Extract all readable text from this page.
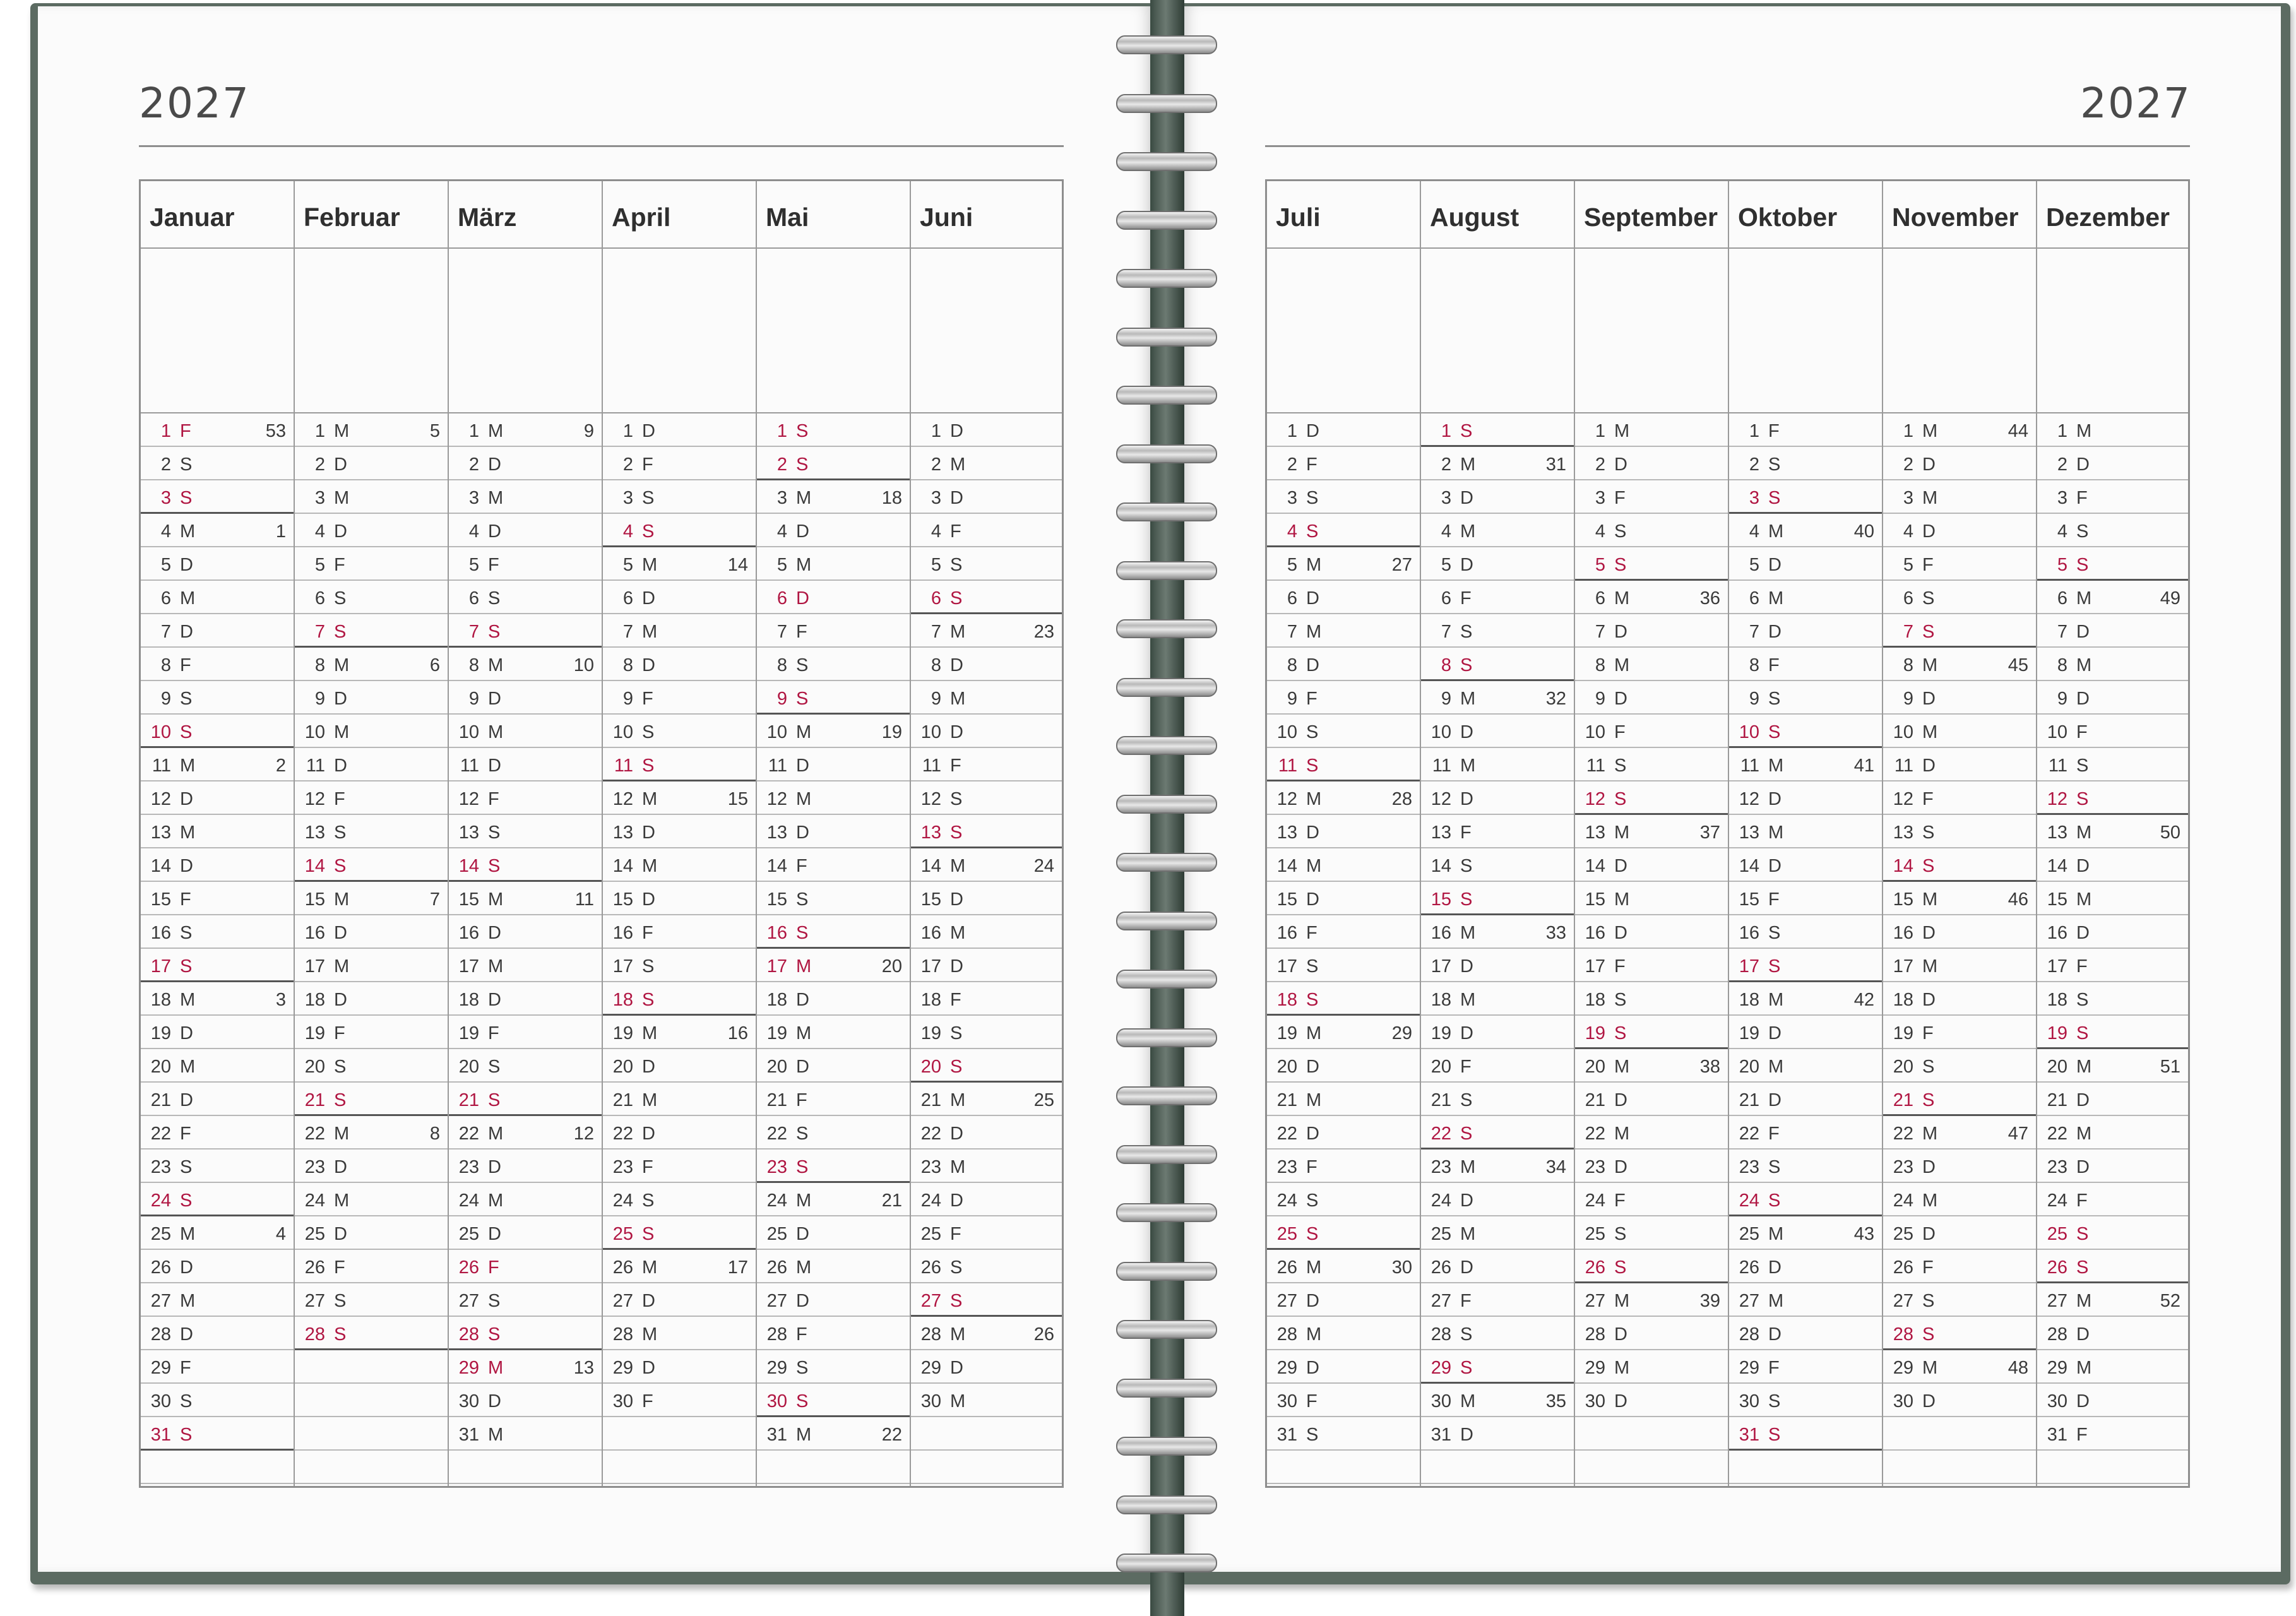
2027	2027
Januar
1 F	53
2 S
3 S
4 M	1
5 D
6 M
7 D
8 F
9 S
10 S
11 M	2
12 D
13 M
14 D
15 F
16 S
17 S
18 M	3
19 D
20 M
21 D
22 F
23 S
24 S
25 M	4
26 D
27 M
28 D
29 F
30 S
31 S
Februar
1 M	5
2 D
3 M
4 D
5 F
6 S
7 S
8 M	6
9 D
10 M
11 D
12 F
13 S
14 S
15 M	7
16 D
17 M
18 D
19 F
20 S
21 S
22 M	8
23 D
24 M
25 D
26 F
27 S
28 S
März
1 M	9
2 D
3 M
4 D
5 F
6 S
7 S
8 M	10
9 D
10 M
11 D
12 F
13 S
14 S
15 M	11
16 D
17 M
18 D
19 F
20 S
21 S
22 M	12
23 D
24 M
25 D
26 F
27 S
28 S
29 M	13
30 D
31 M
April
1 D
2 F
3 S
4 S
5 M	14
6 D
7 M
8 D
9 F
10 S
11 S
12 M	15
13 D
14 M
15 D
16 F
17 S
18 S
19 M	16
20 D
21 M
22 D
23 F
24 S
25 S
26 M	17
27 D
28 M
29 D
30 F
Mai
1 S
2 S
3 M	18
4 D
5 M
6 D
7 F
8 S
9 S
10 M	19
11 D
12 M
13 D
14 F
15 S
16 S
17 M	20
18 D
19 M
20 D
21 F
22 S
23 S
24 M	21
25 D
26 M
27 D
28 F
29 S
30 S
31 M	22
Juni
1 D
2 M
3 D
4 F
5 S
6 S
7 M	23
8 D
9 M
10 D
11 F
12 S
13 S
14 M	24
15 D
16 M
17 D
18 F
19 S
20 S
21 M	25
22 D
23 M
24 D
25 F
26 S
27 S
28 M	26
29 D
30 M
Juli
1 D
2 F
3 S
4 S
5 M	27
6 D
7 M
8 D
9 F
10 S
11 S
12 M	28
13 D
14 M
15 D
16 F
17 S
18 S
19 M	29
20 D
21 M
22 D
23 F
24 S
25 S
26 M	30
27 D
28 M
29 D
30 F
31 S
August
1 S
2 M	31
3 D
4 M
5 D
6 F
7 S
8 S
9 M	32
10 D
11 M
12 D
13 F
14 S
15 S
16 M	33
17 D
18 M
19 D
20 F
21 S
22 S
23 M	34
24 D
25 M
26 D
27 F
28 S
29 S
30 M	35
31 D
September
1 M
2 D
3 F
4 S
5 S
6 M	36
7 D
8 M
9 D
10 F
11 S
12 S
13 M	37
14 D
15 M
16 D
17 F
18 S
19 S
20 M	38
21 D
22 M
23 D
24 F
25 S
26 S
27 M	39
28 D
29 M
30 D
Oktober
1 F
2 S
3 S
4 M	40
5 D
6 M
7 D
8 F
9 S
10 S
11 M	41
12 D
13 M
14 D
15 F
16 S
17 S
18 M	42
19 D
20 M
21 D
22 F
23 S
24 S
25 M	43
26 D
27 M
28 D
29 F
30 S
31 S
November
1 M	44
2 D
3 M
4 D
5 F
6 S
7 S
8 M	45
9 D
10 M
11 D
12 F
13 S
14 S
15 M	46
16 D
17 M
18 D
19 F
20 S
21 S
22 M	47
23 D
24 M
25 D
26 F
27 S
28 S
29 M	48
30 D
Dezember
1 M
2 D
3 F
4 S
5 S
6 M	49
7 D
8 M
9 D
10 F
11 S
12 S
13 M	50
14 D
15 M
16 D
17 F
18 S
19 S
20 M	51
21 D
22 M
23 D
24 F
25 S
26 S
27 M	52
28 D
29 M
30 D
31 F
